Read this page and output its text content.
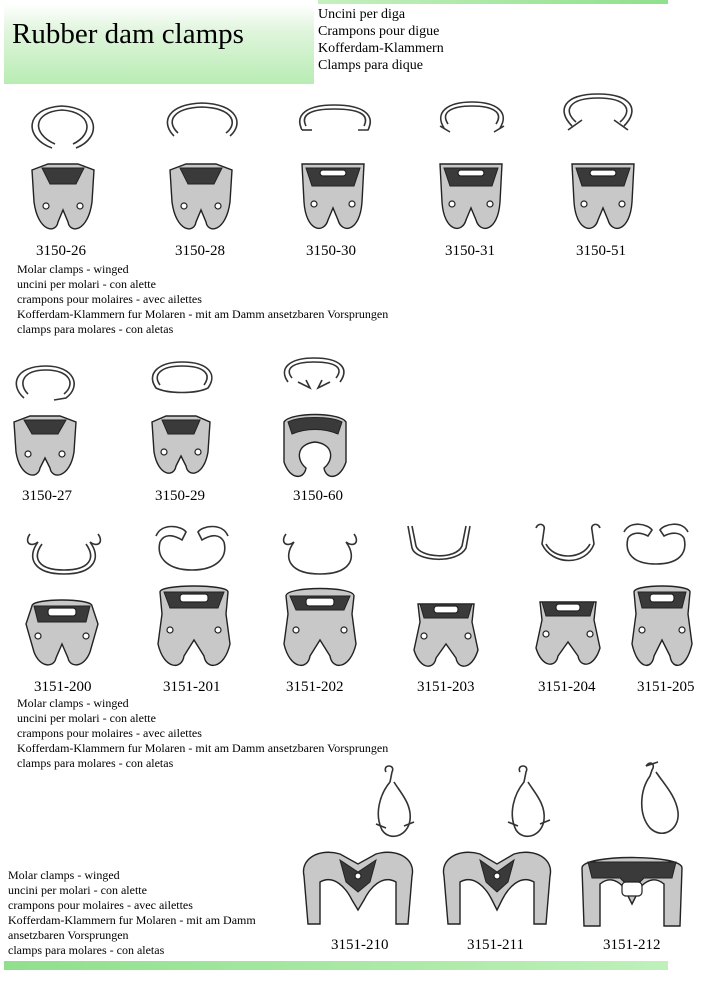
Rubber dam clamps
Uncini per diga
Crampons pour digue
Kofferdam-Klammern
Clamps para dique
3150-26	3150-28	3150-30	3150-31	3150-51
Molar clamps - winged
uncini per molari - con alette
crampons pour molaires - avec ailettes
Kofferdam-Klammern fur Molaren - mit am Damm ansetzbaren Vorsprungen
clamps para molares - con aletas
3150-27	3150-29	3150-60
3151-200	3151-201	3151-202	3151-203	3151-204	3151-205
Molar clamps - winged
uncini per molari - con alette
crampons pour molaires - avec ailettes
Kofferdam-Klammern fur Molaren - mit am Damm ansetzbaren Vorsprungen
clamps para molares - con aletas
Molar clamps - winged
uncini per molari - con alette
crampons pour molaires - avec ailettes
Kofferdam-Klammern fur Molaren - mit am Damm
ansetzbaren Vorsprungen
clamps para molares - con aletas	3151-210	3151-211	3151-212
